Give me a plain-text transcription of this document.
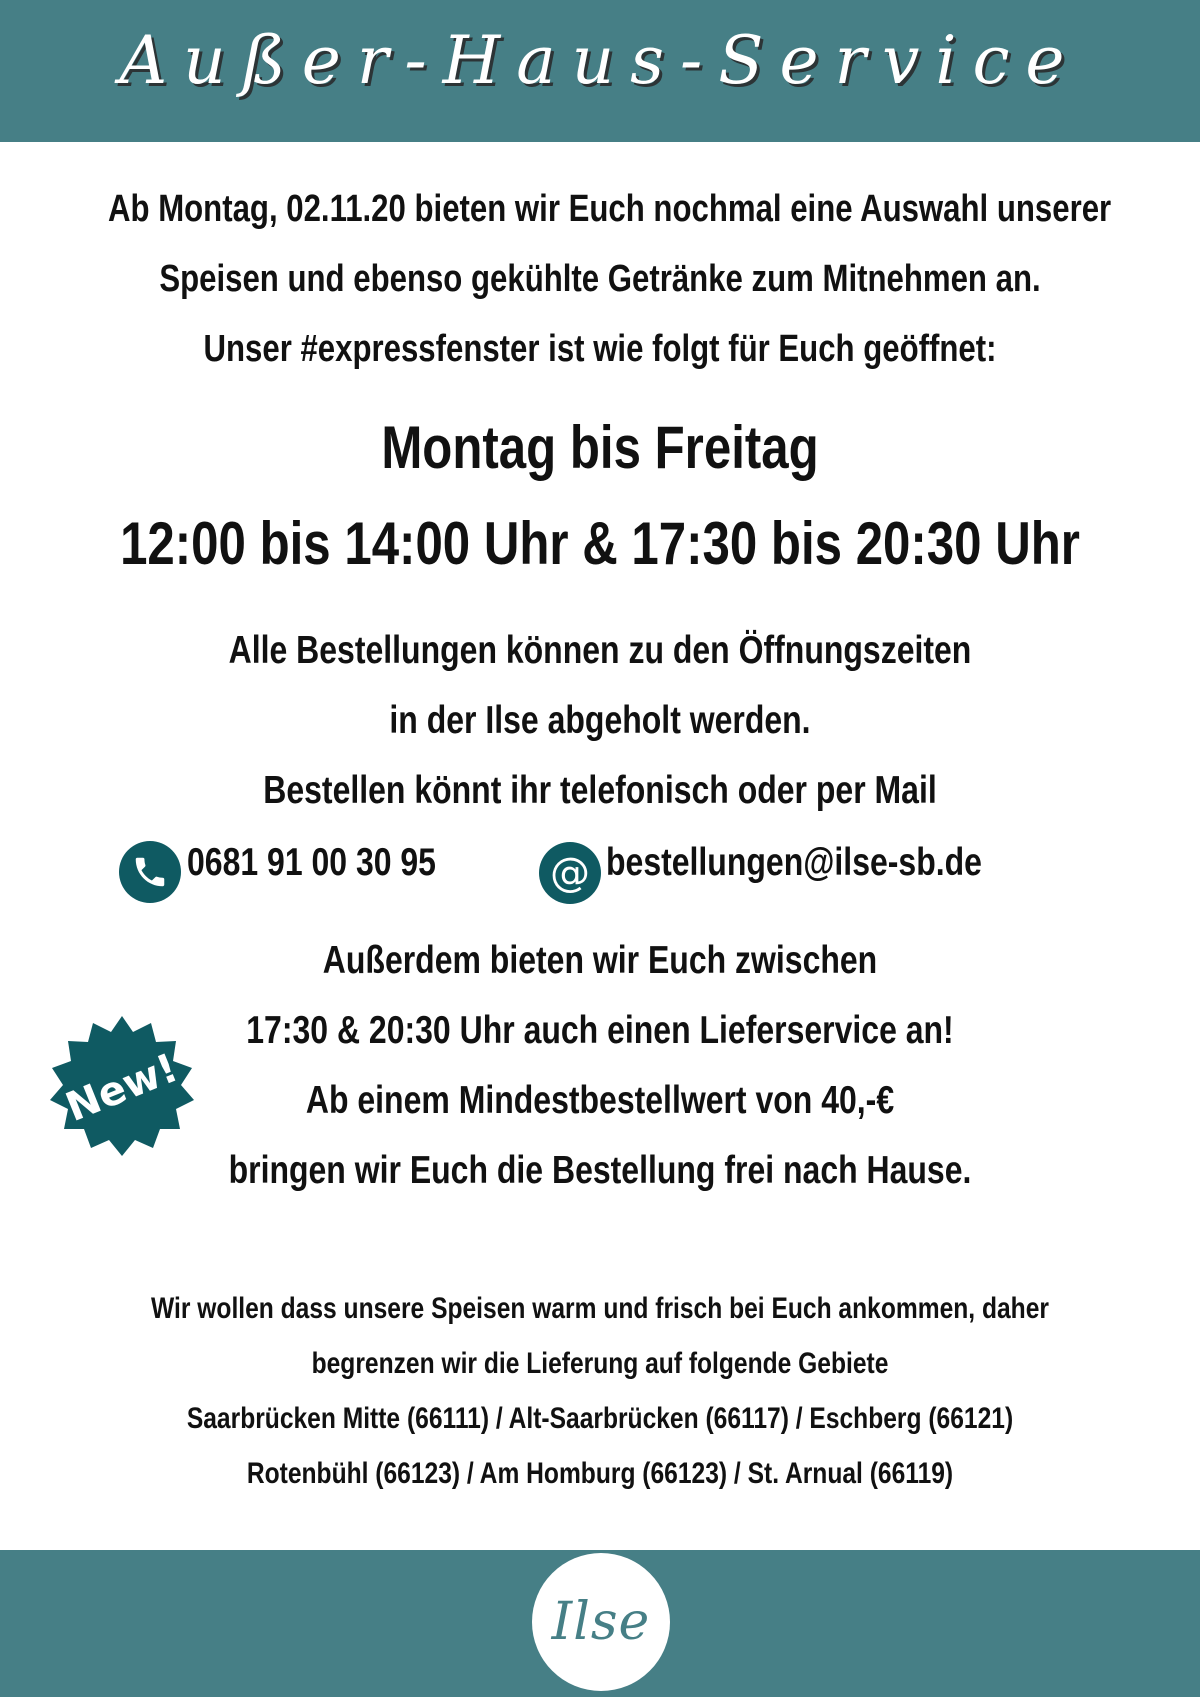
Außer-Haus-Service
Ab Montag, 02.11.20 bieten wir Euch nochmal eine Auswahl unserer
Speisen und ebenso gekühlte Getränke zum Mitnehmen an.
Unser #expressfenster ist wie folgt für Euch geöffnet:
Montag bis Freitag
12:00 bis 14:00 Uhr & 17:30 bis 20:30 Uhr
Alle Bestellungen können zu den Öffnungszeiten
in der Ilse abgeholt werden.
Bestellen könnt ihr telefonisch oder per Mail
0681 91 00 30 95	@ bestellungen@ilse-sb.de
New!
Außerdem bieten wir Euch zwischen
17:30 & 20:30 Uhr auch einen Lieferservice an!
Ab einem Mindestbestellwert von 40,-€
bringen wir Euch die Bestellung frei nach Hause.
Wir wollen dass unsere Speisen warm und frisch bei Euch ankommen, daher
begrenzen wir die Lieferung auf folgende Gebiete
Saarbrücken Mitte (66111) / Alt-Saarbrücken (66117) / Eschberg (66121)
Rotenbühl (66123) / Am Homburg (66123) / St. Arnual (66119)
Ilse
